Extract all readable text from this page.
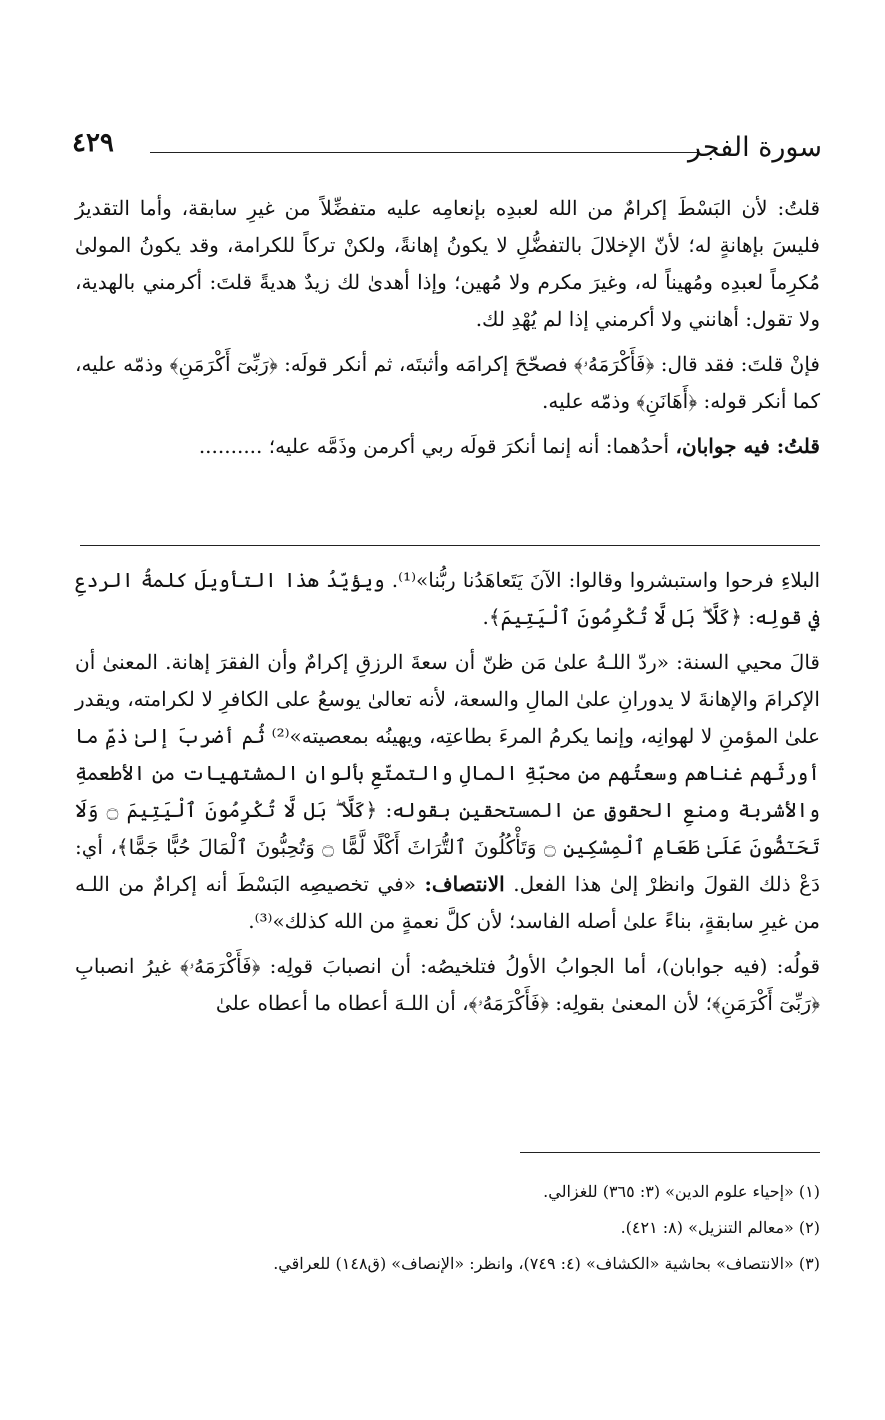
سورة الفجر
٤٢٩

قلتُ: لأن البَسْطَ إكرامٌ من الله لعبدِه بإنعامِه عليه متفضِّلاً من غيرِ سابقة، وأما التقديرُ فليسَ بإهانةٍ له؛ لأنّ الإخلالَ بالتفضُّلِ لا يكونُ إهانةً، ولكنْ تركاً للكرامة، وقد يكونُ المولىٰ مُكرِماً لعبدِه ومُهيناً له، وغيرَ مكرم ولا مُهين؛ وإذا أهدىٰ لك زيدٌ هديةً قلتَ: أكرمني بالهدية، ولا تقول: أهانني ولا أكرمني إذا لم يُهْدِ لك.

فإنْ قلتَ: فقد قال: ﴿فَأَكْرَمَهُۥ﴾ فصحّحَ إكرامَه وأثبتَه، ثم أنكر قولَه: ﴿رَبِّىٓ أَكْرَمَنِ﴾ وذمّه عليه، كما أنكر قوله: ﴿أَهَانَنِ﴾ وذمّه عليه.

قلتُ: فيه جوابان، أحدُهما: أنه إنما أنكرَ قولَه ربي أكرمن وذَمَّه عليه؛ ..........

البلاءِ فرحوا واستبشروا وقالوا: الآنَ يَتَعاهَدُنا ربُّنا»⁽¹⁾. ويؤيّدُ هذا التأويلَ كلمةُ الردعِ في قولِه: ﴿كَلَّا ۖ بَل لَّا تُكْرِمُونَ ٱلْيَتِيمَ﴾.

قالَ محيي السنة: «ردّ اللـهُ علىٰ مَن ظنّ أن سعةَ الرزقِ إكرامٌ وأن الفقرَ إهانة. المعنىٰ أن الإكرامَ والإهانةَ لا يدورانِ علىٰ المالِ والسعة، لأنه تعالىٰ يوسعُ على الكافرِ لا لكرامته، ويقدر علىٰ المؤمنِ لا لهوانِه، وإنما يكرمُ المرءَ بطاعتِه، ويهينُه بمعصيته»⁽²⁾ ثُم أضربَ إلىٰ ذمِّ ما أورثَهم غناهم وسعتُهم من محبّةِ المالِ والتمتّعِ بألوانِ المشتهيات من الأطعمةِ والأشربة ومنعِ الحقوقِ عن المستحقين بقوله: ﴿كَلَّا ۖ بَل لَّا تُكْرِمُونَ ٱلْيَتِيمَ ۝ وَلَا تَحَـٰٓضُّونَ عَلَىٰ طَعَامِ ٱلْمِسْكِينِ ۝ وَتَأْكُلُونَ ٱلتُّرَاثَ أَكْلًا لَّمًّا ۝ وَتُحِبُّونَ ٱلْمَالَ حُبًّا جَمًّا﴾، أي: دَعْ ذلك القولَ وانظرْ إلىٰ هذا الفعل. الانتصاف: «في تخصيصِه البَسْطَ أنه إكرامٌ من اللـه من غيرِ سابقةٍ، بناءً علىٰ أصله الفاسد؛ لأن كلَّ نعمةٍ من الله كذلك»⁽³⁾.

قولُه: (فيه جوابان)، أما الجوابُ الأولُ فتلخيصُه: أن انصبابَ قولِه: ﴿فَأَكْرَمَهُۥ﴾ غيرُ انصبابِ ﴿رَبِّىٓ أَكْرَمَنِ﴾؛ لأن المعنىٰ بقولِه: ﴿فَأَكْرَمَهُۥ﴾، أن اللـهَ أعطاه ما أعطاه علىٰ

(١) «إحياء علوم الدين» (٣: ٣٦٥) للغزالي.
(٢) «معالم التنزيل» (٨: ٤٢١).
(٣) «الانتصاف» بحاشية «الكشاف» (٤: ٧٤٩)، وانظر: «الإنصاف» (ق١٤٨) للعراقي.
